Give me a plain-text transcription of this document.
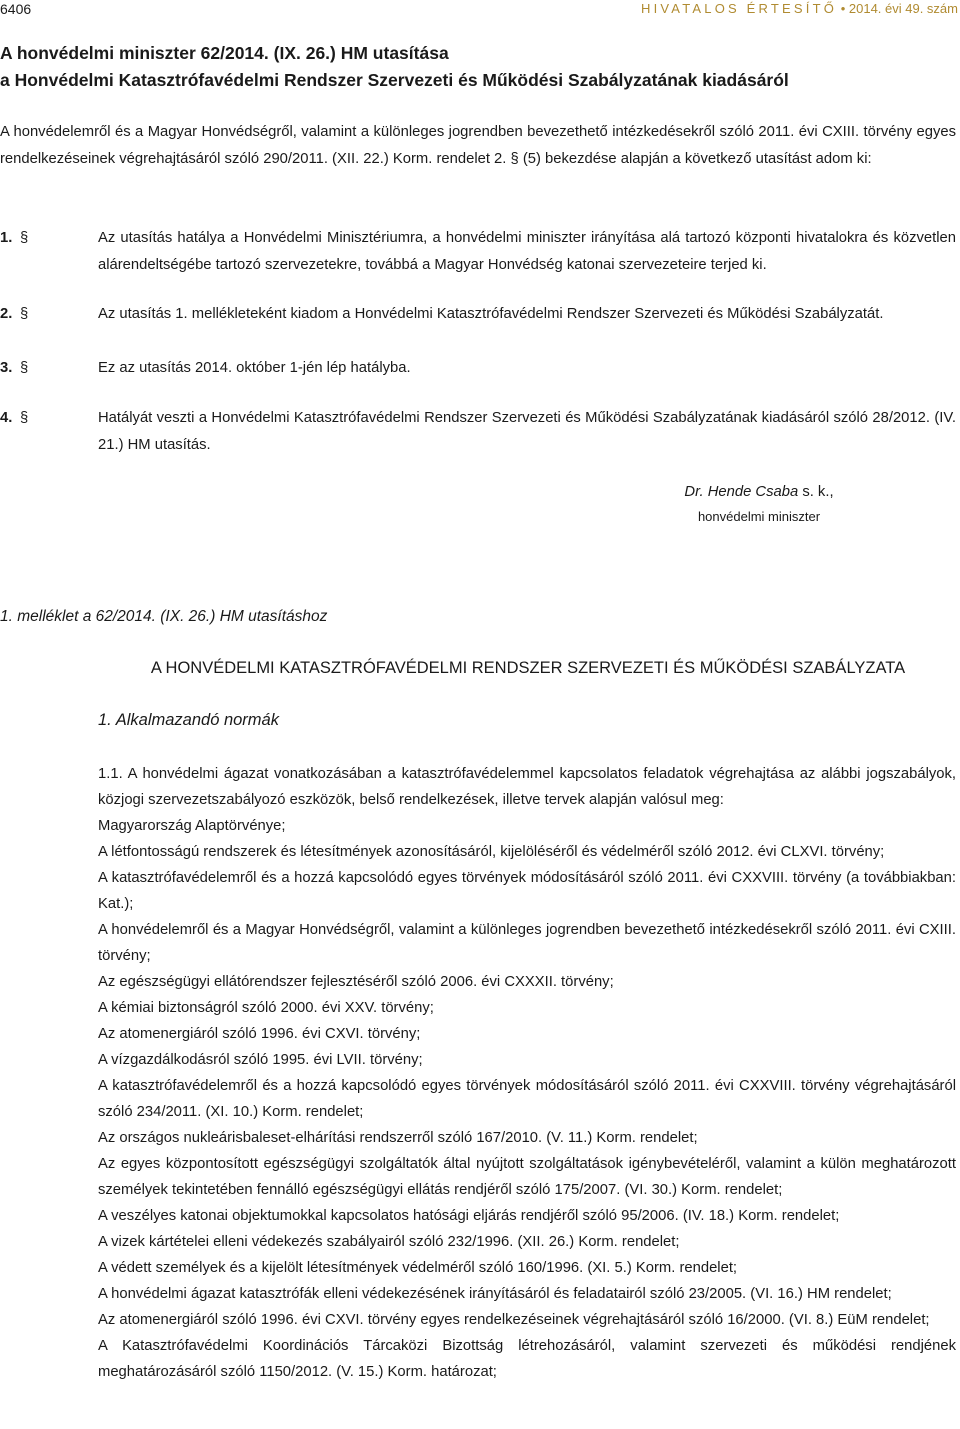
6406	HIVATALOS ÉRTESÍTŐ • 2014. évi 49. szám
A honvédelmi miniszter 62/2014. (IX. 26.) HM utasítása
a Honvédelmi Katasztrófavédelmi Rendszer Szervezeti és Működési Szabályzatának kiadásáról
A honvédelemről és a Magyar Honvédségről, valamint a különleges jogrendben bevezethető intézkedésekről szóló 2011. évi CXIII. törvény egyes rendelkezéseinek végrehajtásáról szóló 290/2011. (XII. 22.) Korm. rendelet 2. § (5) bekezdése alapján a következő utasítást adom ki:
1. §	Az utasítás hatálya a Honvédelmi Minisztériumra, a honvédelmi miniszter irányítása alá tartozó központi hivatalokra és közvetlen alárendeltségébe tartozó szervezetekre, továbbá a Magyar Honvédség katonai szervezeteire terjed ki.
2. §	Az utasítás 1. mellékleteként kiadom a Honvédelmi Katasztrófavédelmi Rendszer Szervezeti és Működési Szabályzatát.
3. §	Ez az utasítás 2014. október 1-jén lép hatályba.
4. §	Hatályát veszti a Honvédelmi Katasztrófavédelmi Rendszer Szervezeti és Működési Szabályzatának kiadásáról szóló 28/2012. (IV. 21.) HM utasítás.
Dr. Hende Csaba s. k.,
honvédelmi miniszter
1. melléklet a 62/2014. (IX. 26.) HM utasításhoz
A HONVÉDELMI KATASZTRÓFAVÉDELMI RENDSZER SZERVEZETI ÉS MŰKÖDÉSI SZABÁLYZATA
1. Alkalmazandó normák

1.1. A honvédelmi ágazat vonatkozásában a katasztrófavédelemmel kapcsolatos feladatok végrehajtása az alábbi jogszabályok, közjogi szervezetszabályozó eszközök, belső rendelkezések, illetve tervek alapján valósul meg:

Magyarország Alaptörvénye;

A létfontosságú rendszerek és létesítmények azonosításáról, kijelöléséről és védelméről szóló 2012. évi CLXVI. törvény;

A katasztrófavédelemről és a hozzá kapcsolódó egyes törvények módosításáról szóló 2011. évi CXXVIII. törvény (a továbbiakban: Kat.);

A honvédelemről és a Magyar Honvédségről, valamint a különleges jogrendben bevezethető intézkedésekről szóló 2011. évi CXIII. törvény;

Az egészségügyi ellátórendszer fejlesztéséről szóló 2006. évi CXXXII. törvény;

A kémiai biztonságról szóló 2000. évi XXV. törvény;

Az atomenergiáról szóló 1996. évi CXVI. törvény;

A vízgazdálkodásról szóló 1995. évi LVII. törvény;

A katasztrófavédelemről és a hozzá kapcsolódó egyes törvények módosításáról szóló 2011. évi CXXVIII. törvény végrehajtásáról szóló 234/2011. (XI. 10.) Korm. rendelet;

Az országos nukleárisbaleset-elhárítási rendszerről szóló 167/2010. (V. 11.) Korm. rendelet;

Az egyes központosított egészségügyi szolgáltatók által nyújtott szolgáltatások igénybevételéről, valamint a külön meghatározott személyek tekintetében fennálló egészségügyi ellátás rendjéről szóló 175/2007. (VI. 30.) Korm. rendelet;

A veszélyes katonai objektumokkal kapcsolatos hatósági eljárás rendjéről szóló 95/2006. (IV. 18.) Korm. rendelet;

A vizek kártételei elleni védekezés szabályairól szóló 232/1996. (XII. 26.) Korm. rendelet;

A védett személyek és a kijelölt létesítmények védelméről szóló 160/1996. (XI. 5.) Korm. rendelet;

A honvédelmi ágazat katasztrófák elleni védekezésének irányításáról és feladatairól szóló 23/2005. (VI. 16.) HM rendelet;

Az atomenergiáról szóló 1996. évi CXVI. törvény egyes rendelkezéseinek végrehajtásáról szóló 16/2000. (VI. 8.) EüM rendelet;

A Katasztrófavédelmi Koordinációs Tárcaközi Bizottság létrehozásáról, valamint szervezeti és működési rendjének meghatározásáról szóló 1150/2012. (V. 15.) Korm. határozat;
